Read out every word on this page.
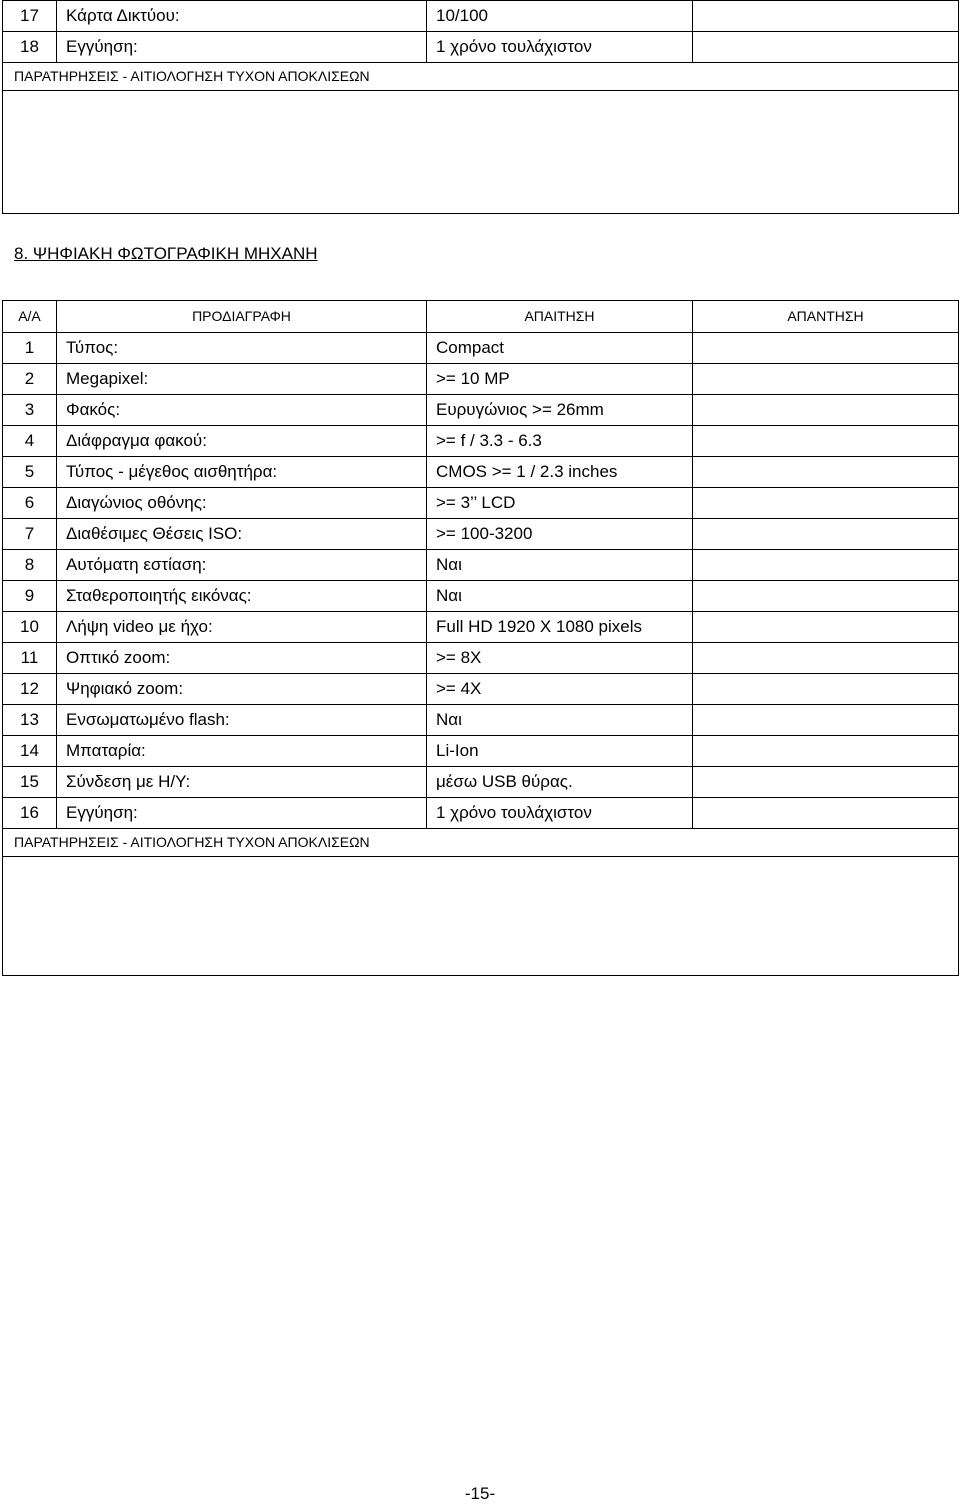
17	Κάρτα Δικτύου:	10/100	
18	Εγγύηση:	1 χρόνο τουλάχιστον	
ΠΑΡΑΤΗΡΗΣΕΙΣ - ΑΙΤΙΟΛΟΓΗΣΗ ΤΥΧΟΝ ΑΠΟΚΛΙΣΕΩΝ			

8. ΨΗΦΙΑΚΗ ΦΩΤΟΓΡΑΦΙΚΗ ΜΗΧΑΝΗ
Α/Α	ΠΡΟΔΙΑΓΡΑΦΗ	ΑΠΑΙΤΗΣΗ	ΑΠΑΝΤΗΣΗ
1	Τύπος:	Compact	
2	Megapixel:	>= 10 MP	
3	Φακός:	Ευρυγώνιος >= 26mm	
4	Διάφραγμα φακού:	>= f / 3.3 - 6.3	
5	Τύπος - μέγεθος αισθητήρα:	CMOS >= 1 / 2.3 inches	
6	Διαγώνιος οθόνης:	>= 3’’ LCD	
7	Διαθέσιμες Θέσεις ISO:	>= 100-3200	
8	Αυτόματη εστίαση:	Ναι	
9	Σταθεροποιητής εικόνας:	Ναι	
10	Λήψη video με ήχο:	Full HD 1920 X 1080 pixels	
11	Οπτικό zoom:	>= 8X	
12	Ψηφιακό zoom:	>= 4X	
13	Ενσωματωμένο flash:	Ναι	
14	Μπαταρία:	Li-Ion	
15	Σύνδεση με Η/Υ:	μέσω USB θύρας.	
16	Εγγύηση:	1 χρόνο τουλάχιστον	
ΠΑΡΑΤΗΡΗΣΕΙΣ - ΑΙΤΙΟΛΟΓΗΣΗ ΤΥΧΟΝ ΑΠΟΚΛΙΣΕΩΝ			

-15-
